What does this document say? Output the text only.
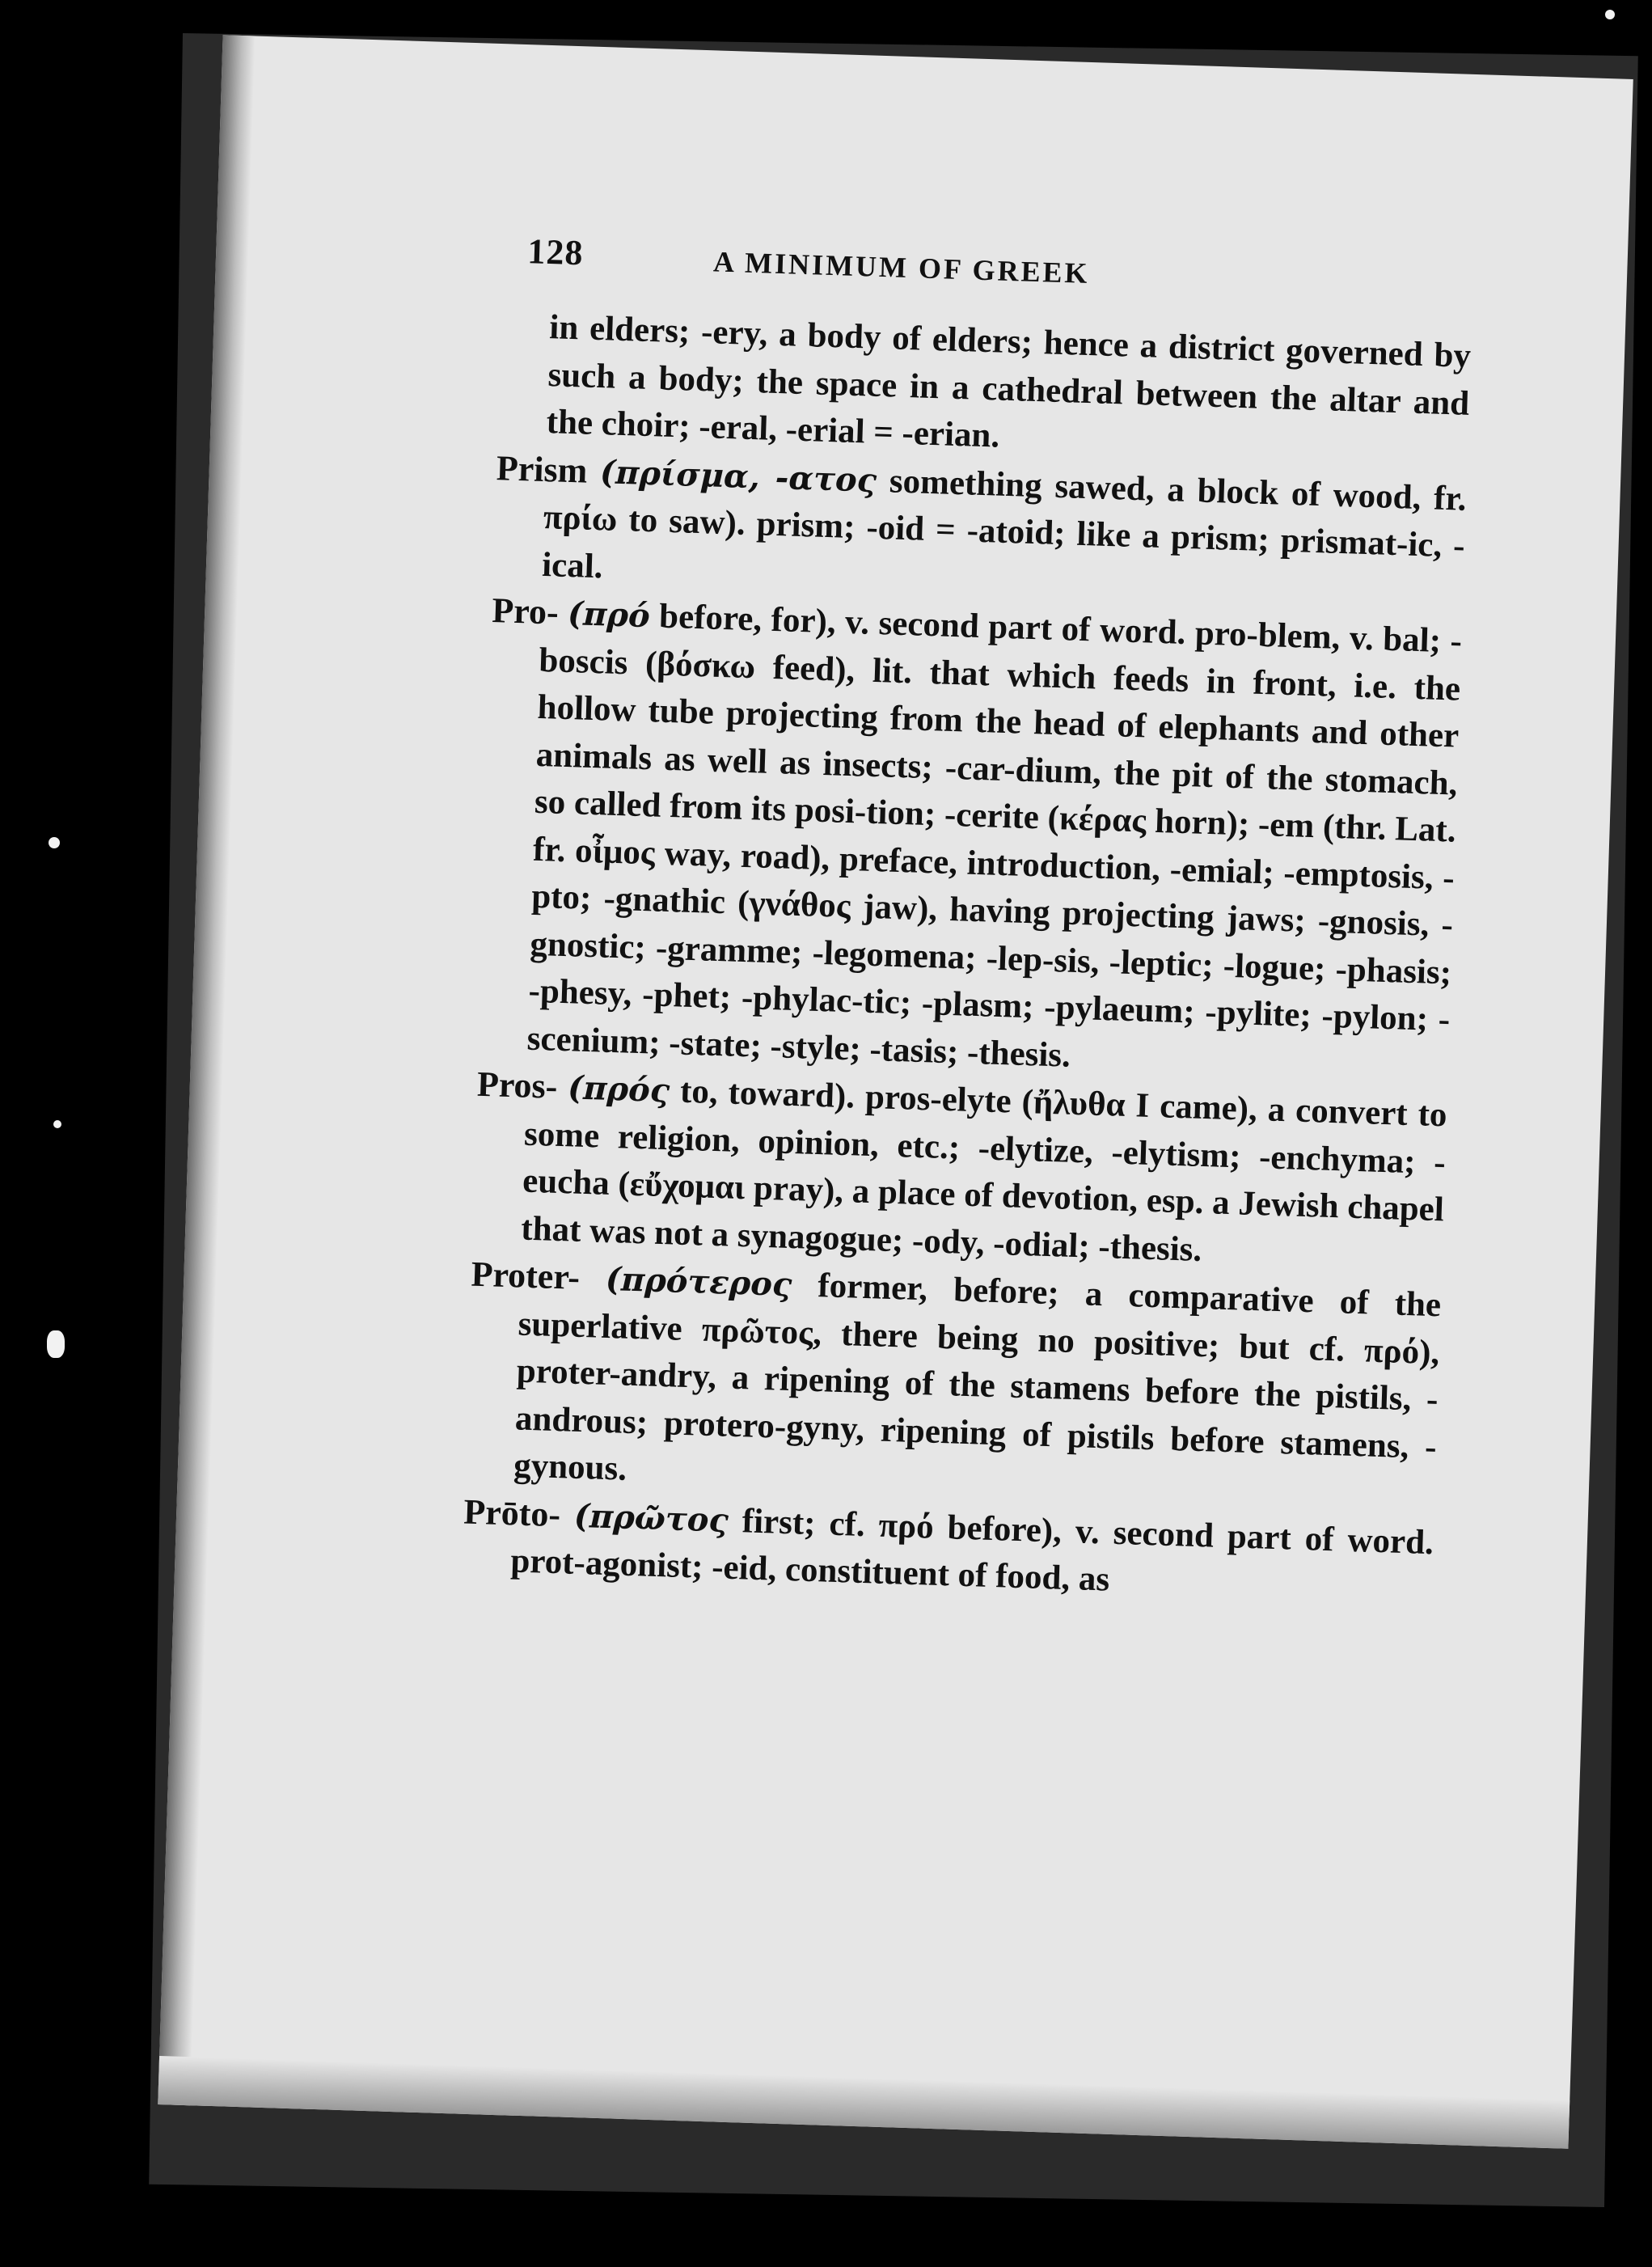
128	A MINIMUM OF GREEK

in elders; -ery, a body of elders; hence a district governed by such a body; the space in a cathedral between the altar and the choir; -eral, -erial = -erian.

Prism (πρίσμα, -ατος something sawed, a block of wood, fr. πρίω to saw). prism; -oid = -atoid; like a prism; prismat-ic, -ical.

Pro- (πρό before, for), v. second part of word. pro-blem, v. bal; -boscis (βόσκω feed), lit. that which feeds in front, i.e. the hollow tube projecting from the head of elephants and other animals as well as insects; -car-dium, the pit of the stomach, so called from its posi-tion; -cerite (κέρας horn); -em (thr. Lat. fr. οἶμος way, road), preface, introduction, -emial; -emptosis, -pto; -gnathic (γνάθος jaw), having projecting jaws; -gnosis, -gnostic; -gramme; -legomena; -lep-sis, -leptic; -logue; -phasis; -phesy, -phet; -phylac-tic; -plasm; -pylaeum; -pylite; -pylon; -scenium; -state; -style; -tasis; -thesis.

Pros- (πρός to, toward). pros-elyte (ἤλυθα I came), a convert to some religion, opinion, etc.; -elytize, -elytism; -enchyma; -eucha (εὔχομαι pray), a place of devotion, esp. a Jewish chapel that was not a synagogue; -ody, -odial; -thesis.

Proter- (πρότερος former, before; a comparative of the superlative πρῶτος, there being no positive; but cf. πρό), proter-andry, a ripening of the stamens before the pistils, -androus; protero-gyny, ripening of pistils before stamens, -gynous.

Prōto- (πρῶτος first; cf. πρό before), v. second part of word. prot-agonist; -eid, constituent of food, as
